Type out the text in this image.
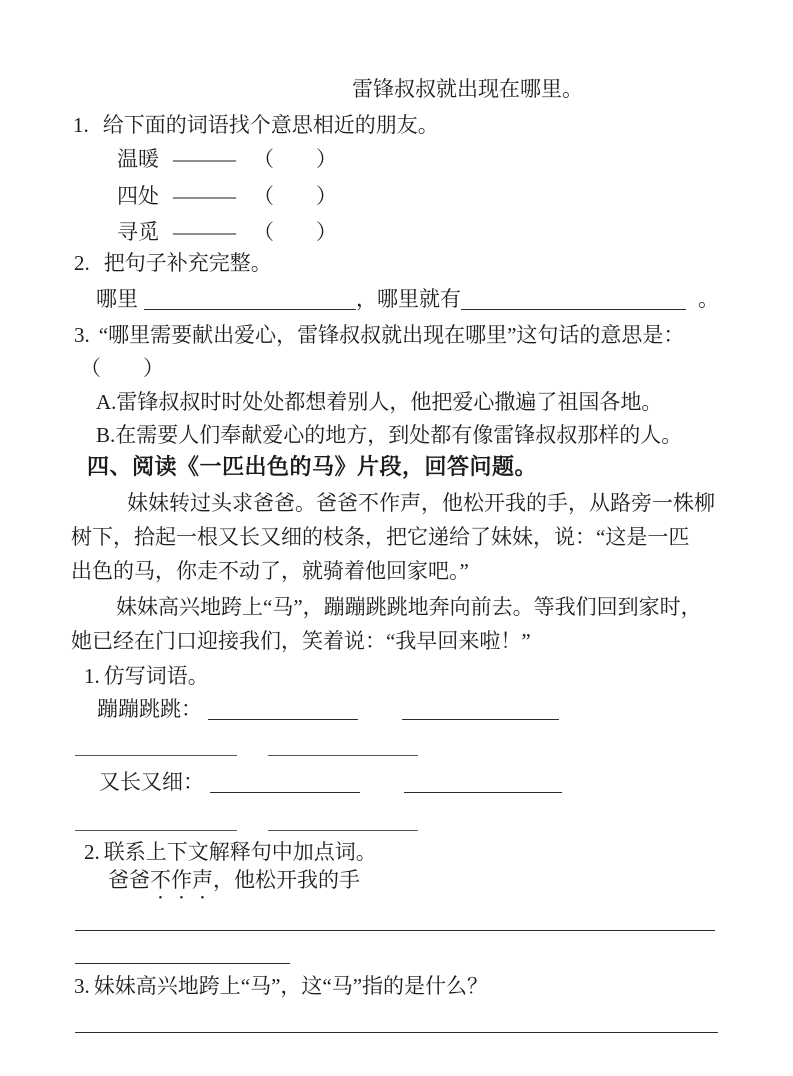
雷锋叔叔就出现在哪里。
1. 给下面的词语找个意思相近的朋友。
温暖 ——— （　　）
四处 ——— （　　）
寻觅 ——— （　　）
2. 把句子补充完整。
哪里	，哪里就有	。
3. “哪里需要献出爱心，雷锋叔叔就出现在哪里”这句话的意思是：
（　　）
A.雷锋叔叔时时处处都想着别人，他把爱心撒遍了祖国各地。
B.在需要人们奉献爱心的地方，到处都有像雷锋叔叔那样的人。
四、阅读《一匹出色的马》片段，回答问题。
妹妹转过头求爸爸。爸爸不作声，他松开我的手，从路旁一株柳
树下，拾起一根又长又细的枝条，把它递给了妹妹，说：“这是一匹
出色的马，你走不动了，就骑着他回家吧。”
妹妹高兴地跨上“马”，蹦蹦跳跳地奔向前去。等我们回到家时，
她已经在门口迎接我们，笑着说：“我早回来啦！”
1. 仿写词语。
蹦蹦跳跳：
又长又细：
2. 联系上下文解释句中加点词。
爸爸不作声，他松开我的手
3. 妹妹高兴地跨上“马”，这“马”指的是什么？
